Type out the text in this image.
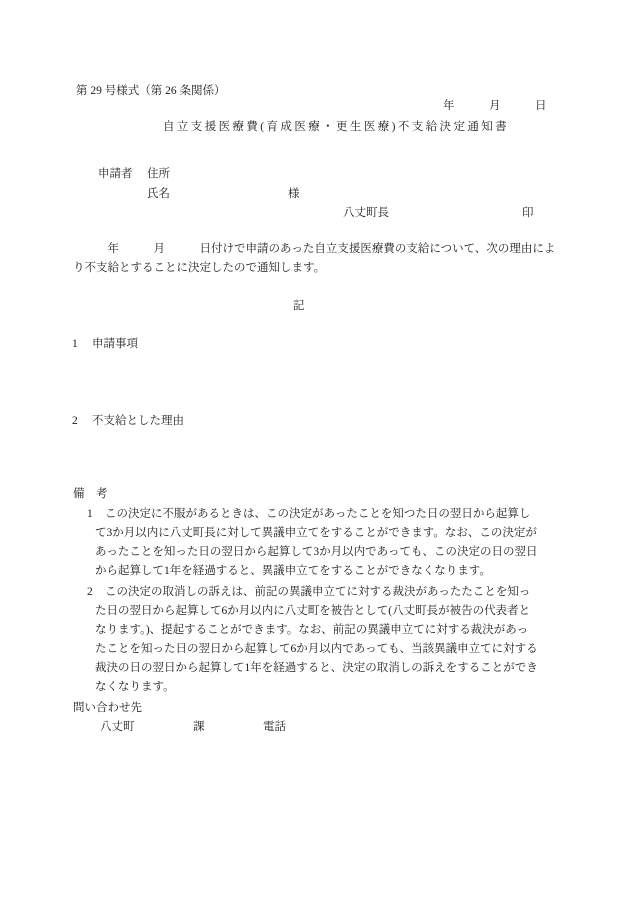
第 29 号様式（第 26 条関係）
年　　　月　　　日
自立支援医療費(育成医療・更生医療)不支給決定通知書
申請者 住所
氏名	様
八丈町長	印
　　　年　　　月　　　日付けで申請のあった自立支援医療費の支給について、次の理由によ
り不支給とすることに決定したので通知します。
記
1 申請事項
2 不支給とした理由
備　考
1 この決定に不服があるときは、この決定があったことを知つた日の翌日から起算し
て3か月以内に八丈町長に対して異議申立てをすることができます。なお、この決定が
あったことを知った日の翌日から起算して3か月以内であっても、この決定の日の翌日
から起算して1年を経過すると、異議申立てをすることができなくなります。
2 この決定の取消しの訴えは、前記の異議申立てに対する裁決があったたことを知っ
た日の翌日から起算して6か月以内に八丈町を被告として(八丈町長が被告の代表者と
なります。)、提起することができます。なお、前記の異議申立てに対する裁決があっ
たことを知った日の翌日から起算して6か月以内であっても、当該異議申立てに対する
裁決の日の翌日から起算して1年を経過すると、決定の取消しの訴えをすることができ
なくなります。
問い合わせ先
八丈町	課	電話
